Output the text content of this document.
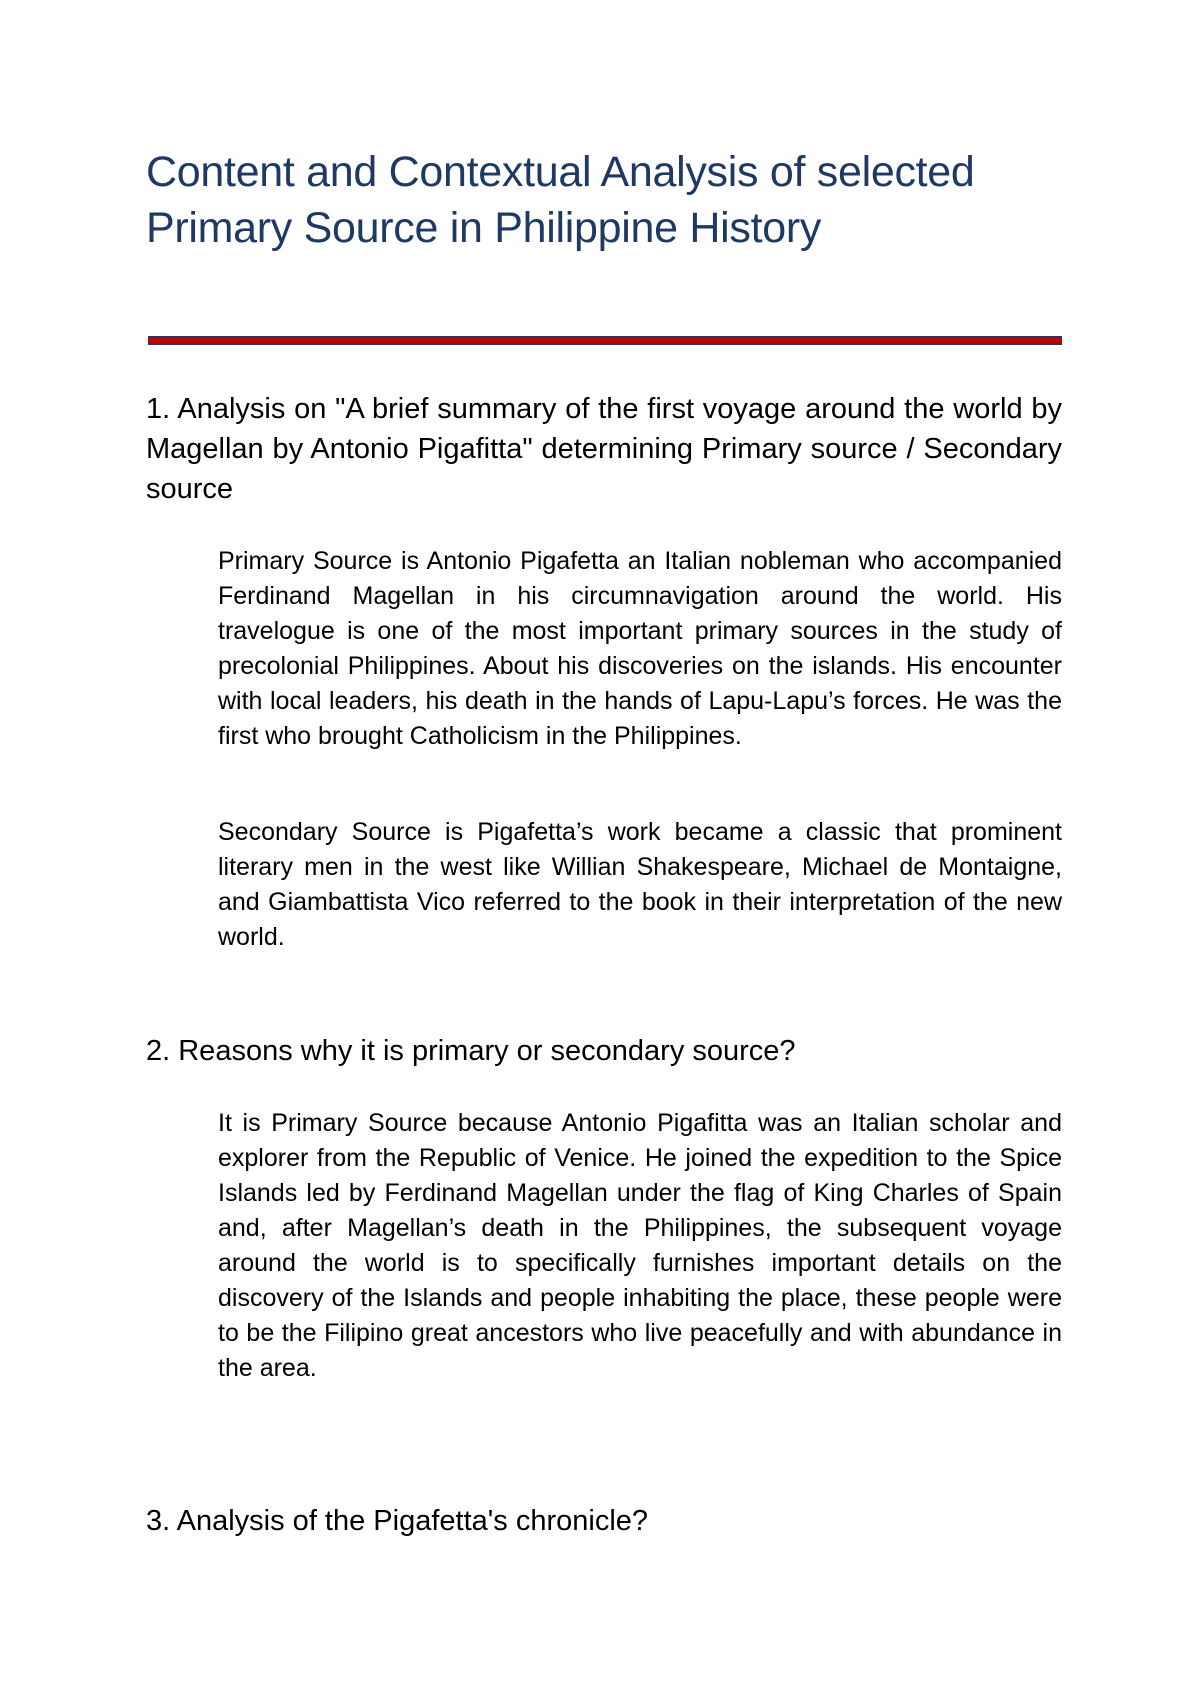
Content and Contextual Analysis of selected Primary Source in Philippine History
1. Analysis on "A brief summary of the first voyage around the world by Magellan by Antonio Pigafitta" determining Primary source / Secondary source
Primary Source is Antonio Pigafetta an Italian nobleman who accompanied Ferdinand Magellan in his circumnavigation around the world. His travelogue is one of the most important primary sources in the study of precolonial Philippines. About his discoveries on the islands. His encounter with local leaders, his death in the hands of Lapu-Lapu’s forces. He was the first who brought Catholicism in the Philippines.
Secondary Source is Pigafetta’s work became a classic that prominent literary men in the west like Willian Shakespeare, Michael de Montaigne, and Giambattista Vico referred to the book in their interpretation of the new world.
2. Reasons why it is primary or secondary source?
It is Primary Source because Antonio Pigafitta was an Italian scholar and explorer from the Republic of Venice. He joined the expedition to the Spice Islands led by Ferdinand Magellan under the flag of King Charles of Spain and, after Magellan’s death in the Philippines, the subsequent voyage around the world is to specifically furnishes important details on the discovery of the Islands and people inhabiting the place, these people were to be the Filipino great ancestors who live peacefully and with abundance in the area.
3. Analysis of the Pigafetta's chronicle?
